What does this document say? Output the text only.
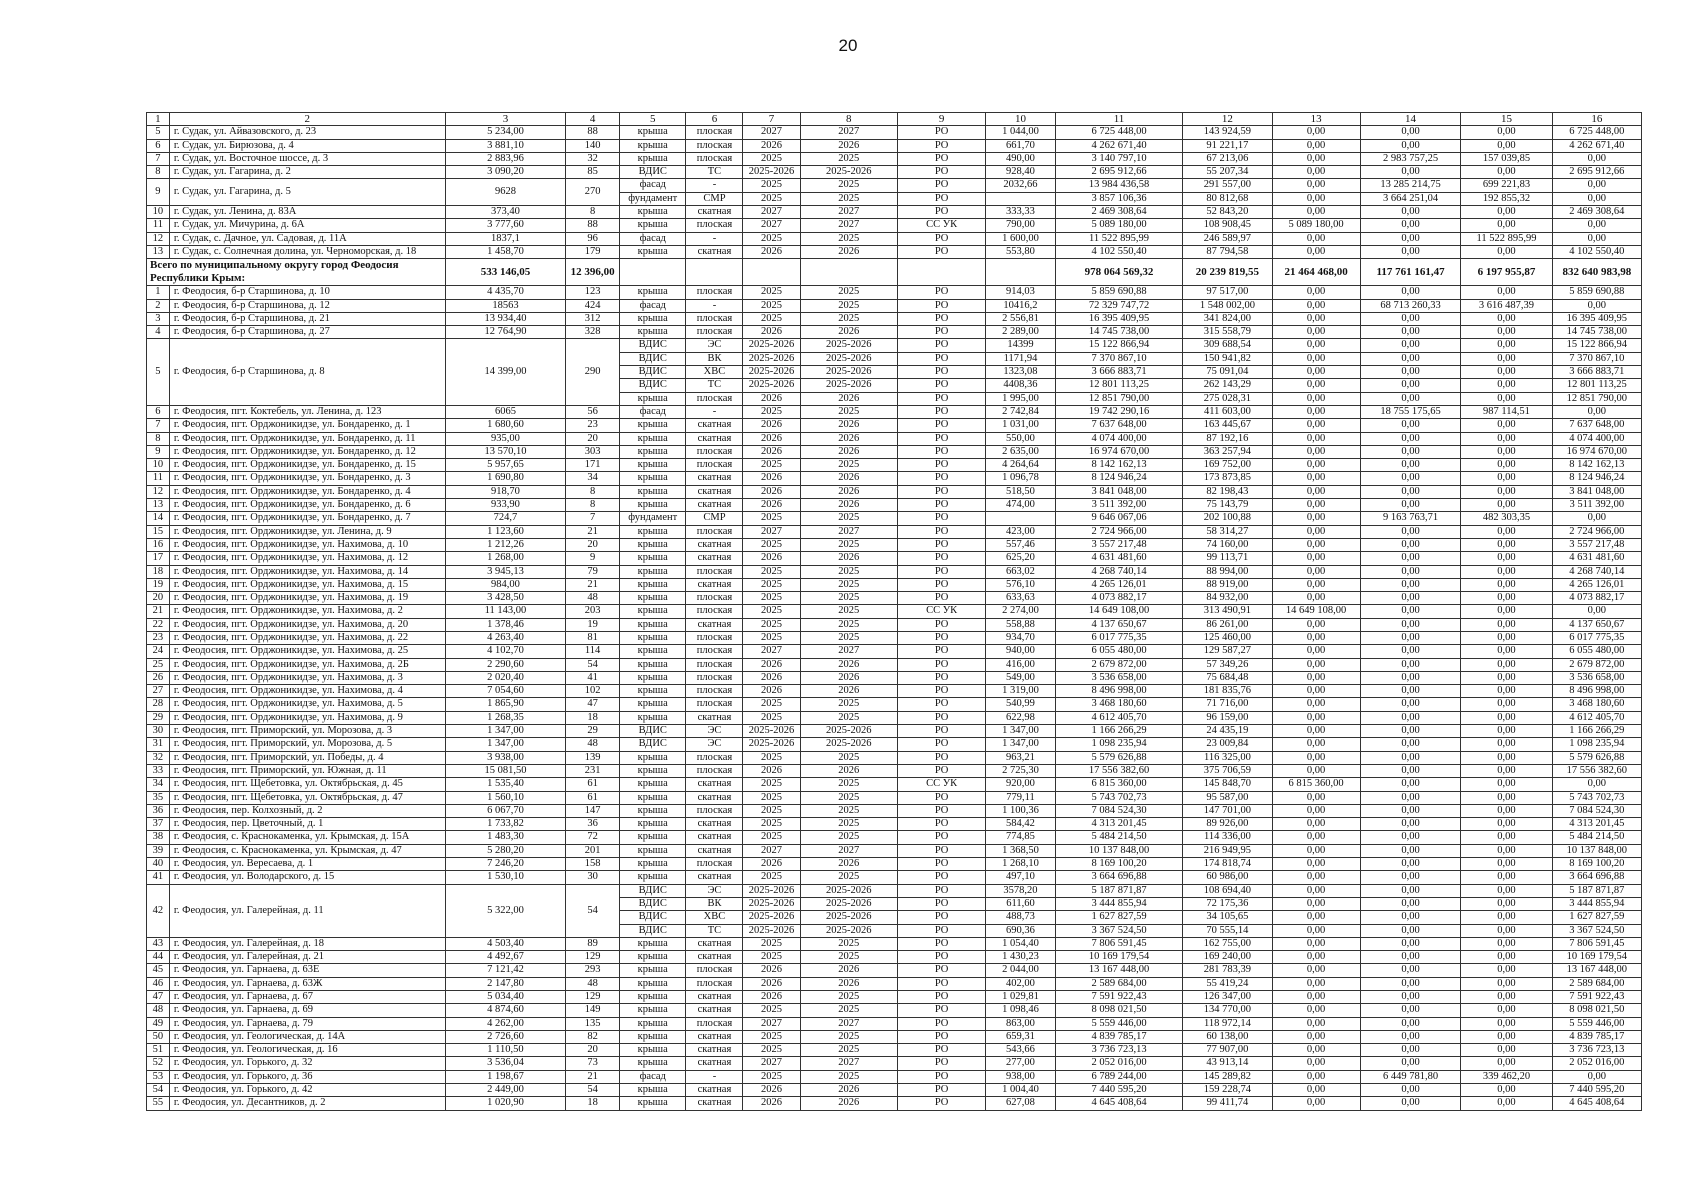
20
1	2	3	4	5	6	7	8	9	10	11	12	13	14	15	16
5	г. Судак, ул. Айвазовского, д. 23	5 234,00	88	крыша	плоская	2027	2027	РО	1 044,00	6 725 448,00	143 924,59	0,00	0,00	0,00	6 725 448,00
6	г. Судак, ул. Бирюзова, д. 4	3 881,10	140	крыша	плоская	2026	2026	РО	661,70	4 262 671,40	91 221,17	0,00	0,00	0,00	4 262 671,40
7	г. Судак, ул. Восточное шоссе, д. 3	2 883,96	32	крыша	плоская	2025	2025	РО	490,00	3 140 797,10	67 213,06	0,00	2 983 757,25	157 039,85	0,00
8	г. Судак, ул. Гагарина, д. 2	3 090,20	85	ВДИС	ТС	2025-2026	2025-2026	РО	928,40	2 695 912,66	55 207,34	0,00	0,00	0,00	2 695 912,66
9	г. Судак, ул. Гагарина, д. 5	9628	270	фасад	-	2025	2025	РО	2032,66	13 984 436,58	291 557,00	0,00	13 285 214,75	699 221,83	0,00
				фундамент	СМР	2025	2025	РО		3 857 106,36	80 812,68	0,00	3 664 251,04	192 855,32	0,00
10	г. Судак, ул. Ленина, д. 83А	373,40	8	крыша	скатная	2027	2027	РО	333,33	2 469 308,64	52 843,20	0,00	0,00	0,00	2 469 308,64
11	г. Судак, ул. Мичурина, д. 6А	3 777,60	88	крыша	плоская	2027	2027	СС УК	790,00	5 089 180,00	108 908,45	5 089 180,00	0,00	0,00	0,00
12	г. Судак, с. Дачное, ул. Садовая, д. 11А	1837,1	96	фасад	-	2025	2025	РО	1 600,00	11 522 895,99	246 589,97	0,00	0,00	11 522 895,99	0,00
13	г. Судак, с. Солнечная долина, ул. Черноморская, д. 18	1 458,70	179	крыша	скатная	2026	2026	РО	553,80	4 102 550,40	87 794,58	0,00	0,00	0,00	4 102 550,40
Всего по муниципальному округу город Феодосия Республики Крым:		533 146,05	12 396,00							978 064 569,32	20 239 819,55	21 464 468,00	117 761 161,47	6 197 955,87	832 640 983,98
1	г. Феодосия, б-р Старшинова, д. 10	4 435,70	123	крыша	плоская	2025	2025	РО	914,03	5 859 690,88	97 517,00	0,00	0,00	0,00	5 859 690,88
2	г. Феодосия, б-р Старшинова, д. 12	18563	424	фасад	-	2025	2025	РО	10416,2	72 329 747,72	1 548 002,00	0,00	68 713 260,33	3 616 487,39	0,00
3	г. Феодосия, б-р Старшинова, д. 21	13 934,40	312	крыша	плоская	2025	2025	РО	2 556,81	16 395 409,95	341 824,00	0,00	0,00	0,00	16 395 409,95
4	г. Феодосия, б-р Старшинова, д. 27	12 764,90	328	крыша	плоская	2026	2026	РО	2 289,00	14 745 738,00	315 558,79	0,00	0,00	0,00	14 745 738,00
5	г. Феодосия, б-р Старшинова, д. 8	14 399,00	290	ВДИС	ЭС	2025-2026	2025-2026	РО	14399	15 122 866,94	309 688,54	0,00	0,00	0,00	15 122 866,94
				ВДИС	ВК	2025-2026	2025-2026	РО	1171,94	7 370 867,10	150 941,82	0,00	0,00	0,00	7 370 867,10
				ВДИС	ХВС	2025-2026	2025-2026	РО	1323,08	3 666 883,71	75 091,04	0,00	0,00	0,00	3 666 883,71
				ВДИС	ТС	2025-2026	2025-2026	РО	4408,36	12 801 113,25	262 143,29	0,00	0,00	0,00	12 801 113,25
				крыша	плоская	2026	2026	РО	1 995,00	12 851 790,00	275 028,31	0,00	0,00	0,00	12 851 790,00
6	г. Феодосия, пгт. Коктебель, ул. Ленина, д. 123	6065	56	фасад	-	2025	2025	РО	2 742,84	19 742 290,16	411 603,00	0,00	18 755 175,65	987 114,51	0,00
7	г. Феодосия, пгт. Орджоникидзе, ул. Бондаренко, д. 1	1 680,60	23	крыша	скатная	2026	2026	РО	1 031,00	7 637 648,00	163 445,67	0,00	0,00	0,00	7 637 648,00
8	г. Феодосия, пгт. Орджоникидзе, ул. Бондаренко, д. 11	935,00	20	крыша	скатная	2026	2026	РО	550,00	4 074 400,00	87 192,16	0,00	0,00	0,00	4 074 400,00
9	г. Феодосия, пгт. Орджоникидзе, ул. Бондаренко, д. 12	13 570,10	303	крыша	плоская	2026	2026	РО	2 635,00	16 974 670,00	363 257,94	0,00	0,00	0,00	16 974 670,00
10	г. Феодосия, пгт. Орджоникидзе, ул. Бондаренко, д. 15	5 957,65	171	крыша	плоская	2025	2025	РО	4 264,64	8 142 162,13	169 752,00	0,00	0,00	0,00	8 142 162,13
11	г. Феодосия, пгт. Орджоникидзе, ул. Бондаренко, д. 3	1 690,80	34	крыша	скатная	2026	2026	РО	1 096,78	8 124 946,24	173 873,85	0,00	0,00	0,00	8 124 946,24
12	г. Феодосия, пгт. Орджоникидзе, ул. Бондаренко, д. 4	918,70	8	крыша	скатная	2026	2026	РО	518,50	3 841 048,00	82 198,43	0,00	0,00	0,00	3 841 048,00
13	г. Феодосия, пгт. Орджоникидзе, ул. Бондаренко, д. 6	933,90	8	крыша	скатная	2026	2026	РО	474,00	3 511 392,00	75 143,79	0,00	0,00	0,00	3 511 392,00
14	г. Феодосия, пгт. Орджоникидзе, ул. Бондаренко, д. 7	724,7	7	фундамент	СМР	2025	2025	РО		9 646 067,06	202 100,88	0,00	9 163 763,71	482 303,35	0,00
15	г. Феодосия, пгт. Орджоникидзе, ул. Ленина, д. 9	1 123,60	21	крыша	плоская	2027	2027	РО	423,00	2 724 966,00	58 314,27	0,00	0,00	0,00	2 724 966,00
16	г. Феодосия, пгт. Орджоникидзе, ул. Нахимова, д. 10	1 212,26	20	крыша	скатная	2025	2025	РО	557,46	3 557 217,48	74 160,00	0,00	0,00	0,00	3 557 217,48
17	г. Феодосия, пгт. Орджоникидзе, ул. Нахимова, д. 12	1 268,00	9	крыша	скатная	2026	2026	РО	625,20	4 631 481,60	99 113,71	0,00	0,00	0,00	4 631 481,60
18	г. Феодосия, пгт. Орджоникидзе, ул. Нахимова, д. 14	3 945,13	79	крыша	плоская	2025	2025	РО	663,02	4 268 740,14	88 994,00	0,00	0,00	0,00	4 268 740,14
19	г. Феодосия, пгт. Орджоникидзе, ул. Нахимова, д. 15	984,00	21	крыша	скатная	2025	2025	РО	576,10	4 265 126,01	88 919,00	0,00	0,00	0,00	4 265 126,01
20	г. Феодосия, пгт. Орджоникидзе, ул. Нахимова, д. 19	3 428,50	48	крыша	плоская	2025	2025	РО	633,63	4 073 882,17	84 932,00	0,00	0,00	0,00	4 073 882,17
21	г. Феодосия, пгт. Орджоникидзе, ул. Нахимова, д. 2	11 143,00	203	крыша	плоская	2025	2025	СС УК	2 274,00	14 649 108,00	313 490,91	14 649 108,00	0,00	0,00	0,00
22	г. Феодосия, пгт. Орджоникидзе, ул. Нахимова, д. 20	1 378,46	19	крыша	скатная	2025	2025	РО	558,88	4 137 650,67	86 261,00	0,00	0,00	0,00	4 137 650,67
23	г. Феодосия, пгт. Орджоникидзе, ул. Нахимова, д. 22	4 263,40	81	крыша	плоская	2025	2025	РО	934,70	6 017 775,35	125 460,00	0,00	0,00	0,00	6 017 775,35
24	г. Феодосия, пгт. Орджоникидзе, ул. Нахимова, д. 25	4 102,70	114	крыша	плоская	2027	2027	РО	940,00	6 055 480,00	129 587,27	0,00	0,00	0,00	6 055 480,00
25	г. Феодосия, пгт. Орджоникидзе, ул. Нахимова, д. 2Б	2 290,60	54	крыша	плоская	2026	2026	РО	416,00	2 679 872,00	57 349,26	0,00	0,00	0,00	2 679 872,00
26	г. Феодосия, пгт. Орджоникидзе, ул. Нахимова, д. 3	2 020,40	41	крыша	плоская	2026	2026	РО	549,00	3 536 658,00	75 684,48	0,00	0,00	0,00	3 536 658,00
27	г. Феодосия, пгт. Орджоникидзе, ул. Нахимова, д. 4	7 054,60	102	крыша	плоская	2026	2026	РО	1 319,00	8 496 998,00	181 835,76	0,00	0,00	0,00	8 496 998,00
28	г. Феодосия, пгт. Орджоникидзе, ул. Нахимова, д. 5	1 865,90	47	крыша	плоская	2025	2025	РО	540,99	3 468 180,60	71 716,00	0,00	0,00	0,00	3 468 180,60
29	г. Феодосия, пгт. Орджоникидзе, ул. Нахимова, д. 9	1 268,35	18	крыша	скатная	2025	2025	РО	622,98	4 612 405,70	96 159,00	0,00	0,00	0,00	4 612 405,70
30	г. Феодосия, пгт. Приморский, ул. Морозова, д. 3	1 347,00	29	ВДИС	ЭС	2025-2026	2025-2026	РО	1 347,00	1 166 266,29	24 435,19	0,00	0,00	0,00	1 166 266,29
31	г. Феодосия, пгт. Приморский, ул. Морозова, д. 5	1 347,00	48	ВДИС	ЭС	2025-2026	2025-2026	РО	1 347,00	1 098 235,94	23 009,84	0,00	0,00	0,00	1 098 235,94
32	г. Феодосия, пгт. Приморский, ул. Победы, д. 4	3 938,00	139	крыша	плоская	2025	2025	РО	963,21	5 579 626,88	116 325,00	0,00	0,00	0,00	5 579 626,88
33	г. Феодосия, пгт. Приморский, ул. Южная, д. 11	15 081,50	231	крыша	плоская	2026	2026	РО	2 725,30	17 556 382,60	375 706,59	0,00	0,00	0,00	17 556 382,60
34	г. Феодосия, пгт. Щебетовка, ул. Октябрьская, д. 45	1 535,40	61	крыша	скатная	2025	2025	СС УК	920,00	6 815 360,00	145 848,70	6 815 360,00	0,00	0,00	0,00
35	г. Феодосия, пгт. Щебетовка, ул. Октябрьская, д. 47	1 560,10	61	крыша	скатная	2025	2025	РО	779,11	5 743 702,73	95 587,00	0,00	0,00	0,00	5 743 702,73
36	г. Феодосия, пер. Колхозный, д. 2	6 067,70	147	крыша	плоская	2025	2025	РО	1 100,36	7 084 524,30	147 701,00	0,00	0,00	0,00	7 084 524,30
37	г. Феодосия, пер. Цветочный, д. 1	1 733,82	36	крыша	скатная	2025	2025	РО	584,42	4 313 201,45	89 926,00	0,00	0,00	0,00	4 313 201,45
38	г. Феодосия, с. Краснокаменка, ул. Крымская, д. 15А	1 483,30	72	крыша	скатная	2025	2025	РО	774,85	5 484 214,50	114 336,00	0,00	0,00	0,00	5 484 214,50
39	г. Феодосия, с. Краснокаменка, ул. Крымская, д. 47	5 280,20	201	крыша	скатная	2027	2027	РО	1 368,50	10 137 848,00	216 949,95	0,00	0,00	0,00	10 137 848,00
40	г. Феодосия, ул. Вересаева, д. 1	7 246,20	158	крыша	плоская	2026	2026	РО	1 268,10	8 169 100,20	174 818,74	0,00	0,00	0,00	8 169 100,20
41	г. Феодосия, ул. Володарского, д. 15	1 530,10	30	крыша	скатная	2025	2025	РО	497,10	3 664 696,88	60 986,00	0,00	0,00	0,00	3 664 696,88
42	г. Феодосия, ул. Галерейная, д. 11	5 322,00	54	ВДИС	ЭС	2025-2026	2025-2026	РО	3578,20	5 187 871,87	108 694,40	0,00	0,00	0,00	5 187 871,87
				ВДИС	ВК	2025-2026	2025-2026	РО	611,60	3 444 855,94	72 175,36	0,00	0,00	0,00	3 444 855,94
				ВДИС	ХВС	2025-2026	2025-2026	РО	488,73	1 627 827,59	34 105,65	0,00	0,00	0,00	1 627 827,59
				ВДИС	ТС	2025-2026	2025-2026	РО	690,36	3 367 524,50	70 555,14	0,00	0,00	0,00	3 367 524,50
43	г. Феодосия, ул. Галерейная, д. 18	4 503,40	89	крыша	скатная	2025	2025	РО	1 054,40	7 806 591,45	162 755,00	0,00	0,00	0,00	7 806 591,45
44	г. Феодосия, ул. Галерейная, д. 21	4 492,67	129	крыша	скатная	2025	2025	РО	1 430,23	10 169 179,54	169 240,00	0,00	0,00	0,00	10 169 179,54
45	г. Феодосия, ул. Гарнаева, д. 63Е	7 121,42	293	крыша	плоская	2026	2026	РО	2 044,00	13 167 448,00	281 783,39	0,00	0,00	0,00	13 167 448,00
46	г. Феодосия, ул. Гарнаева, д. 63Ж	2 147,80	48	крыша	плоская	2026	2026	РО	402,00	2 589 684,00	55 419,24	0,00	0,00	0,00	2 589 684,00
47	г. Феодосия, ул. Гарнаева, д. 67	5 034,40	129	крыша	скатная	2026	2025	РО	1 029,81	7 591 922,43	126 347,00	0,00	0,00	0,00	7 591 922,43
48	г. Феодосия, ул. Гарнаева, д. 69	4 874,60	149	крыша	скатная	2025	2025	РО	1 098,46	8 098 021,50	134 770,00	0,00	0,00	0,00	8 098 021,50
49	г. Феодосия, ул. Гарнаева, д. 79	4 262,00	135	крыша	плоская	2027	2027	РО	863,00	5 559 446,00	118 972,14	0,00	0,00	0,00	5 559 446,00
50	г. Феодосия, ул. Геологическая, д. 14А	2 726,60	82	крыша	скатная	2025	2025	РО	659,31	4 839 785,17	60 138,00	0,00	0,00	0,00	4 839 785,17
51	г. Феодосия, ул. Геологическая, д. 16	1 110,50	20	крыша	скатная	2025	2025	РО	543,66	3 736 723,13	77 907,00	0,00	0,00	0,00	3 736 723,13
52	г. Феодосия, ул. Горького, д. 32	3 536,04	73	крыша	скатная	2027	2027	РО	277,00	2 052 016,00	43 913,14	0,00	0,00	0,00	2 052 016,00
53	г. Феодосия, ул. Горького, д. 36	1 198,67	21	фасад	-	2025	2025	РО	938,00	6 789 244,00	145 289,82	0,00	6 449 781,80	339 462,20	0,00
54	г. Феодосия, ул. Горького, д. 42	2 449,00	54	крыша	скатная	2026	2026	РО	1 004,40	7 440 595,20	159 228,74	0,00	0,00	0,00	7 440 595,20
55	г. Феодосия, ул. Десантников, д. 2	1 020,90	18	крыша	скатная	2026	2026	РО	627,08	4 645 408,64	99 411,74	0,00	0,00	0,00	4 645 408,64
